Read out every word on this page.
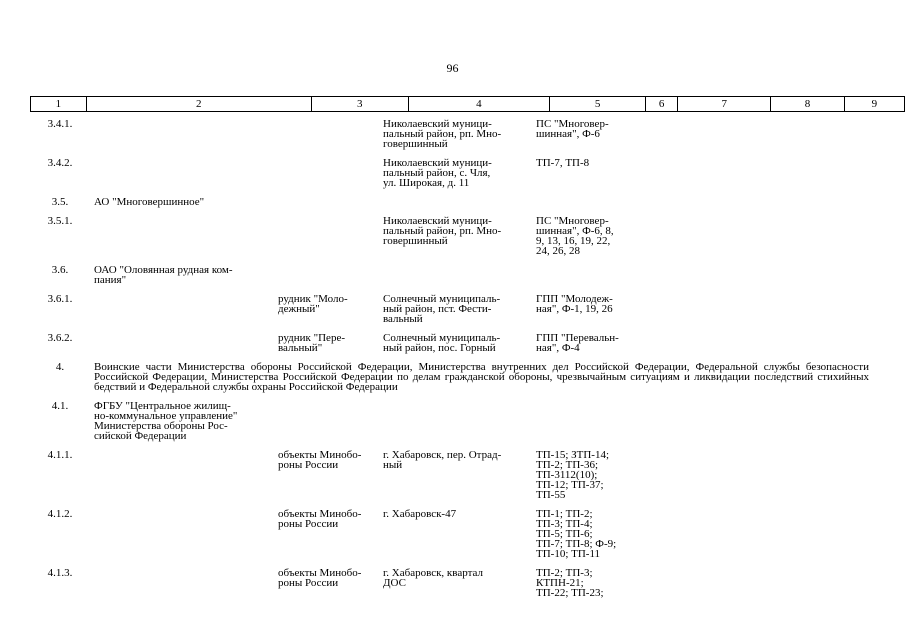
96
1	2	3	4	5	6	7	8	9
3.4.1.			Николаевский муници-
пальный район, рп. Мно-
говершинный	ПС "Многовер-
шинная", Ф-6				
3.4.2.			Николаевский муници-
пальный район, с. Чля,
ул. Широкая, д. 11	ТП-7, ТП-8				
3.5.	АО "Многовершинное"							
3.5.1.			Николаевский муници-
пальный район, рп. Мно-
говершинный	ПС "Многовер-
шинная", Ф-6, 8,
9, 13, 16, 19, 22,
24, 26, 28				
3.6.	ОАО "Оловянная рудная ком-
пания"							
3.6.1.		рудник "Моло-
дежный"	Солнечный муниципаль-
ный район, пст. Фести-
вальный	ГПП "Молодеж-
ная", Ф-1, 19, 26				
3.6.2.		рудник "Пере-
вальный"	Солнечный муниципаль-
ный район, пос. Горный	ГПП "Перевальн-
ная", Ф-4				
4.	Воинские части Министерства обороны Российской Федерации, Министерства внутренних дел Российской Федерации, Федеральной службы безопасности Российской Федерации, Министерства Российской Федерации по делам гражданской обороны, чрезвычайным ситуациям и ликвидации последствий стихийных бедствий и Федеральной службы охраны Российской Федерации							
4.1.	ФГБУ "Центральное жилищ-
но-коммунальное управление"
Министерства обороны Рос-
сийской Федерации							
4.1.1.		объекты Минобо-
роны России	г. Хабаровск, пер. Отрад-
ный	ТП-15; ЗТП-14;
ТП-2; ТП-36;
ТП-3112(10);
ТП-12; ТП-37;
ТП-55				
4.1.2.		объекты Минобо-
роны России	г. Хабаровск-47	ТП-1; ТП-2;
ТП-3; ТП-4;
ТП-5; ТП-6;
ТП-7; ТП-8; Ф-9;
ТП-10; ТП-11				
4.1.3.		объекты Минобо-
роны России	г. Хабаровск, квартал
ДОС	ТП-2; ТП-3;
КТПН-21;
ТП-22; ТП-23;				
